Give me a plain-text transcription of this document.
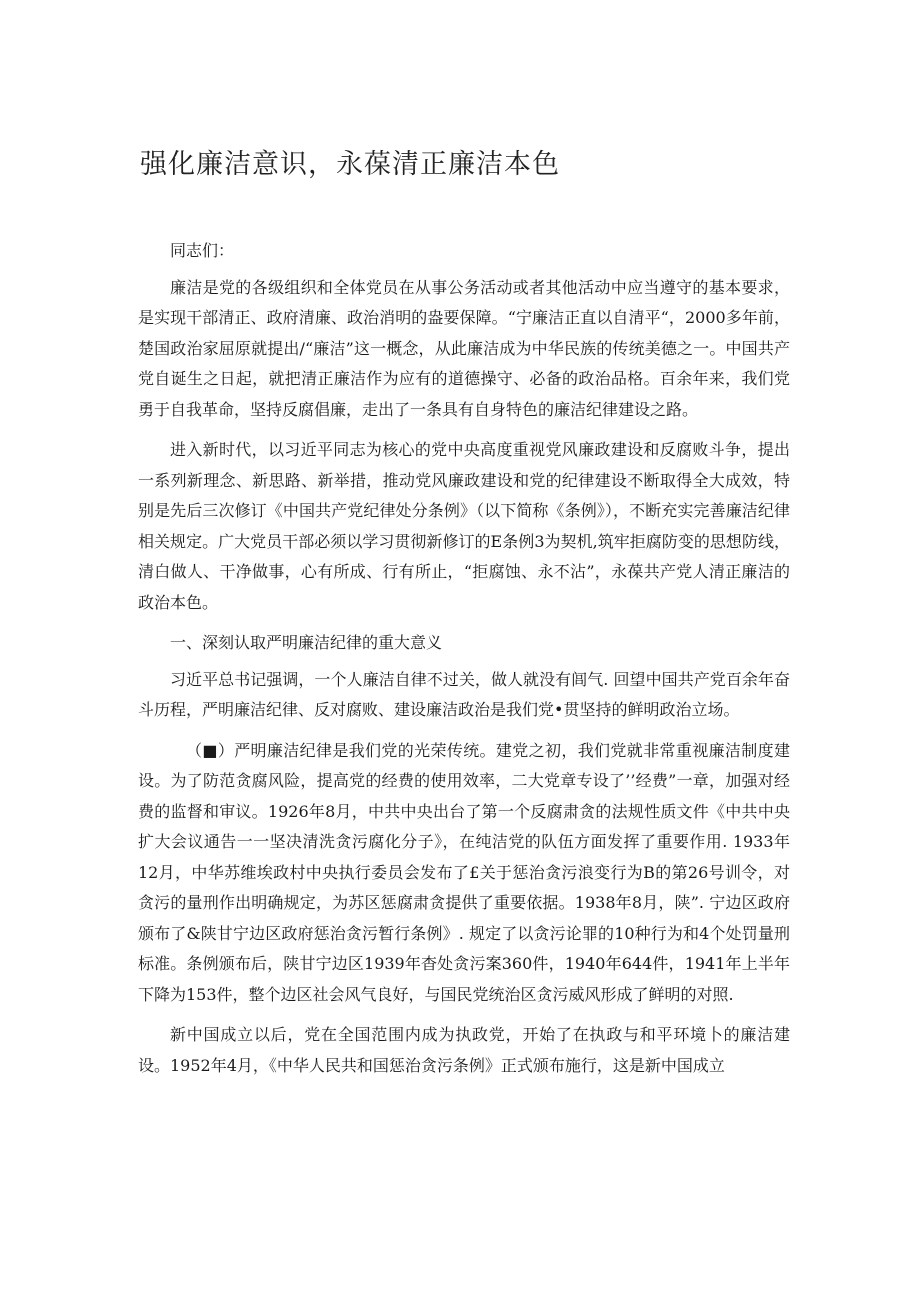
强化廉洁意识，永葆清正廉洁本色

同志们：

廉洁是党的各级组织和全体党员在从事公务活动或者其他活动中应当遵守的基本要求，是实现干部清正、政府清廉、政治消明的盎要保障。“宁廉洁正直以自清平“，2000多年前，楚国政治家屈原就提出/“廉洁”这一概念，从此廉洁成为中华民族的传统美德之一。中国共产党自诞生之日起，就把清正廉洁作为应有的道德操守、必备的政治品格。百余年来，我们党勇于自我革命，坚持反腐倡廉，走出了一条具有自身特色的廉洁纪律建设之路。

进入新时代，以习近平同志为核心的党中央高度重视党风廉政建设和反腐败斗争，提出一系列新理念、新思路、新举措，推动党风廉政建设和党的纪律建设不断取得全大成效，特别是先后三次修订《中国共产党纪律处分条例》（以下简称《条例》），不断充实完善廉洁纪律相关规定。广大党员干部必须以学习贯彻新修订的E条例3为契机,筑牢拒腐防变的思想防线，清白做人、干净做事，心有所成、行有所止，“拒腐蚀、永不沾”，永葆共产党人清正廉洁的政治本色。

一、深刻认取严明廉洁纪律的重大意义

习近平总书记强调，一个人廉洁自律不过关，做人就没有闾气. 回望中国共产党百余年奋斗历程，严明廉洁纪律、反对腐败、建设廉洁政治是我们党•贯坚持的鲜明政治立场。

（■）严明廉洁纪律是我们党的光荣传统。建党之初，我们党就非常重视廉洁制度建设。为了防范贪腐风险，提高党的经费的使用效率，二大党章专设了’’经费”一章，加强对经费的监督和审议。1926年8月，中共中央出台了第一个反腐肃贪的法规性质文件《中共中央扩大会议通告一一坚决清洗贪污腐化分子》，在纯洁党的队伍方面发挥了重要作用. 1933年12月，中华苏维埃政村中央执行委员会发布了£关于惩治贪污浪变行为B的第26号训令，对贪污的量刑作出明确规定，为苏区惩腐肃贪提供了重要依据。1938年8月，陕”. 宁边区政府颁布了&陕甘宁边区政府惩治贪污暂行条例》. 规定了以贪污论罪的10种行为和4个处罚量刑标准。条例颁布后，陕甘宁边区1939年杳处贪污案360件，1940年644件，1941年上半年下降为153件，整个边区社会风气良好，与国民党统治区贪污威风形成了鲜明的对照.

新中国成立以后，党在全国范围内成为执政党，开始了在执政与和平环境卜的廉洁建设。1952年4月，《中华人民共和国惩治贪污条例》正式颁布施行，这是新中国成立
